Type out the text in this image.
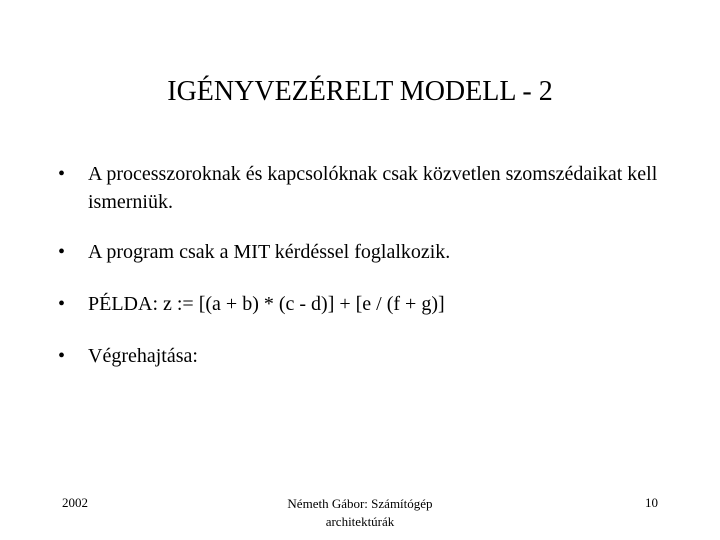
IGÉNYVEZÉRELT MODELL - 2
•	A processzoroknak és kapcsolóknak csak közvetlen szomszédaikat kell ismerniük.
•	A program csak a MIT kérdéssel foglalkozik.
•	PÉLDA: z := [(a + b) * (c - d)] + [e / (f + g)]
•	Végrehajtása:
2002	Németh Gábor: Számítógép
architektúrák
10
